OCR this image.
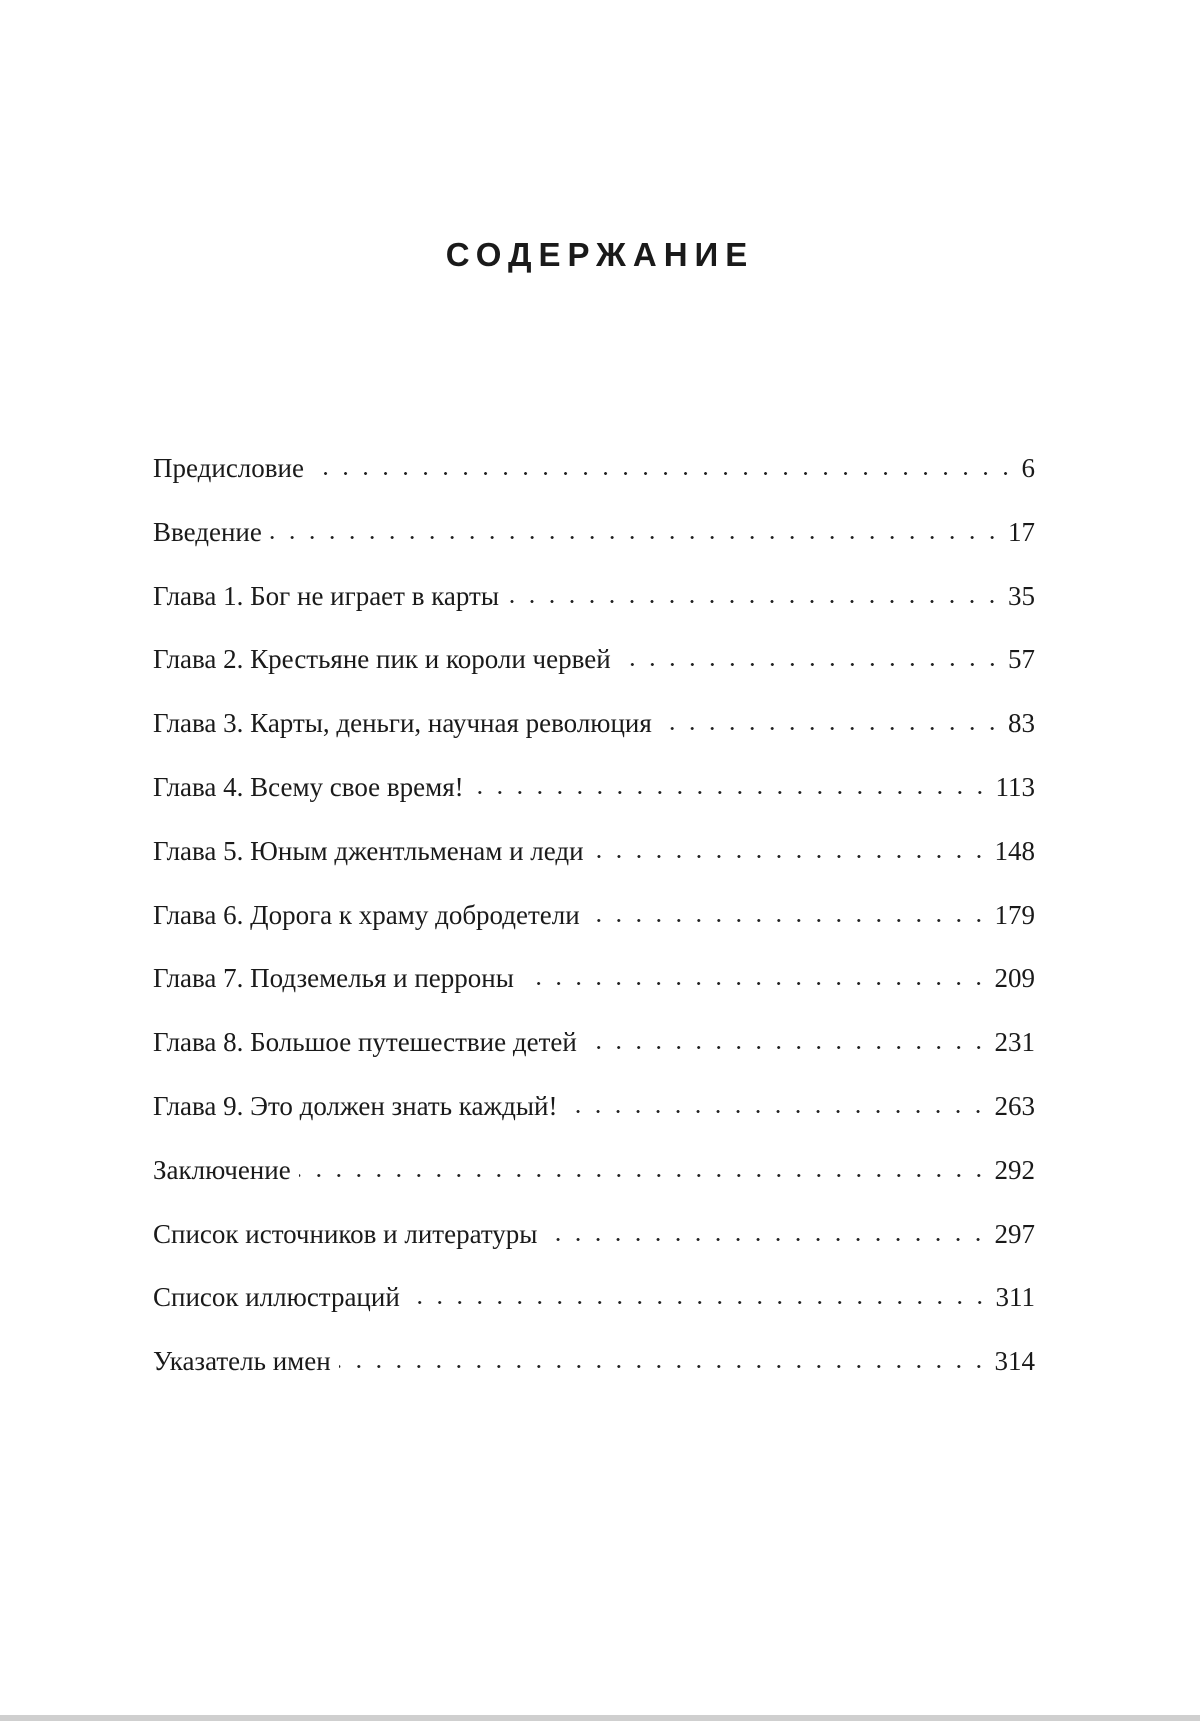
СОДЕРЖАНИЕ
Предисловие	6
Введение	17
Глава 1. Бог не играет в карты	35
Глава 2. Крестьяне пик и короли червей	57
Глава 3. Карты, деньги, научная революция	83
Глава 4. Всему свое время!	113
Глава 5. Юным джентльменам и леди	148
Глава 6. Дорога к храму добродетели	179
Глава 7. Подземелья и перроны	209
Глава 8. Большое путешествие детей	231
Глава 9. Это должен знать каждый!	263
Заключение	292
Список источников и литературы	297
Список иллюстраций	311
Указатель имен	314
